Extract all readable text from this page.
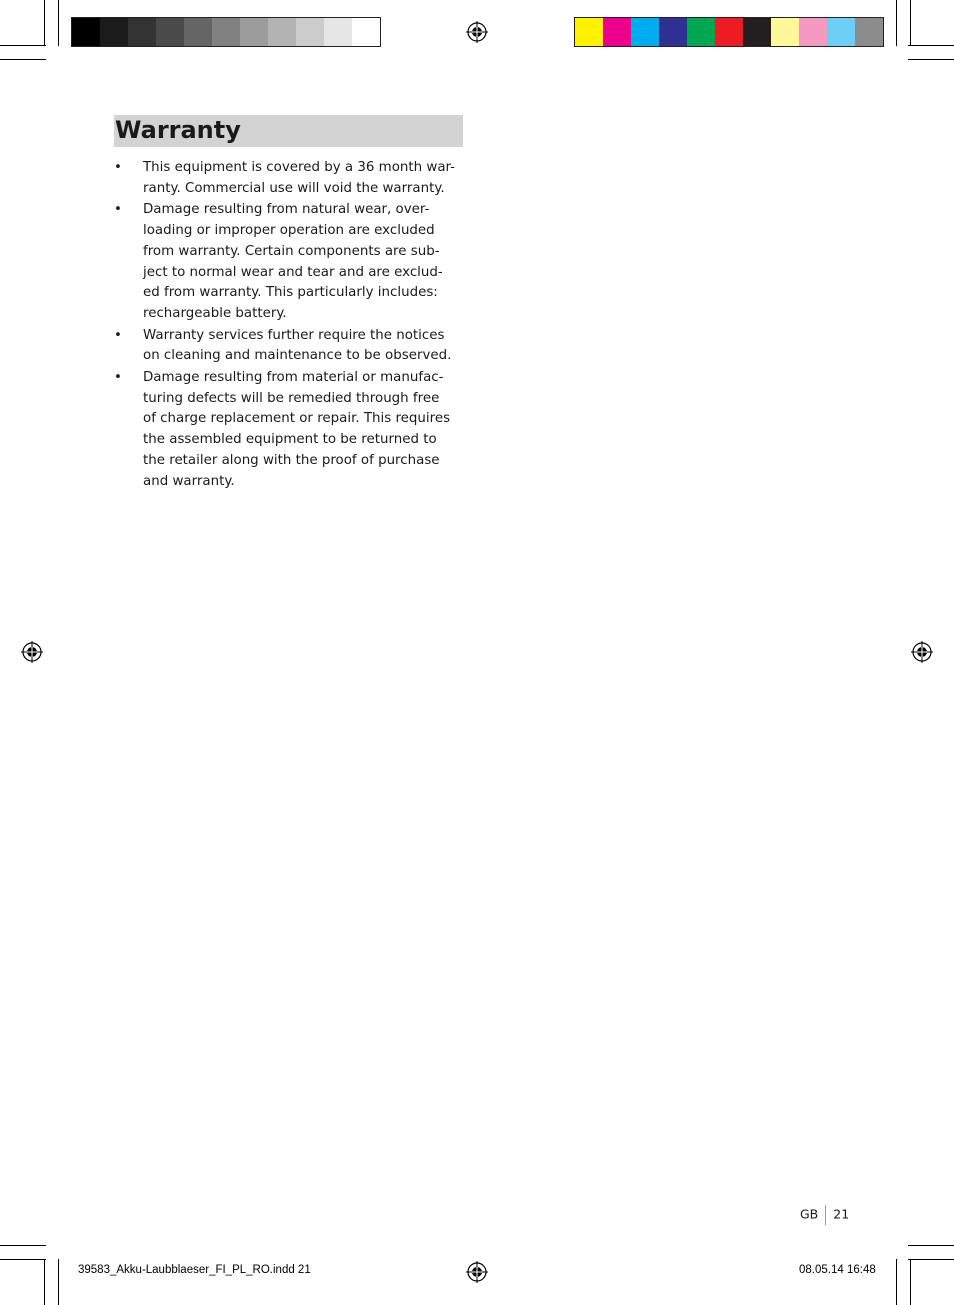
Warranty
• This equipment is covered by a 36 month war-
ranty. Commercial use will void the warranty.
• Damage resulting from natural wear, over-
loading or improper operation are excluded
from warranty. Certain components are sub-
ject to normal wear and tear and are exclud-
ed from warranty. This particularly includes:
rechargeable battery.
• Warranty services further require the notices
on cleaning and maintenance to be observed.
• Damage resulting from material or manufac-
turing defects will be remedied through free
of charge replacement or repair. This requires
the assembled equipment to be returned to
the retailer along with the proof of purchase
and warranty.
GB 21
39583_Akku-Laubblaeser_FI_PL_RO.indd 21	08.05.14 16:48
